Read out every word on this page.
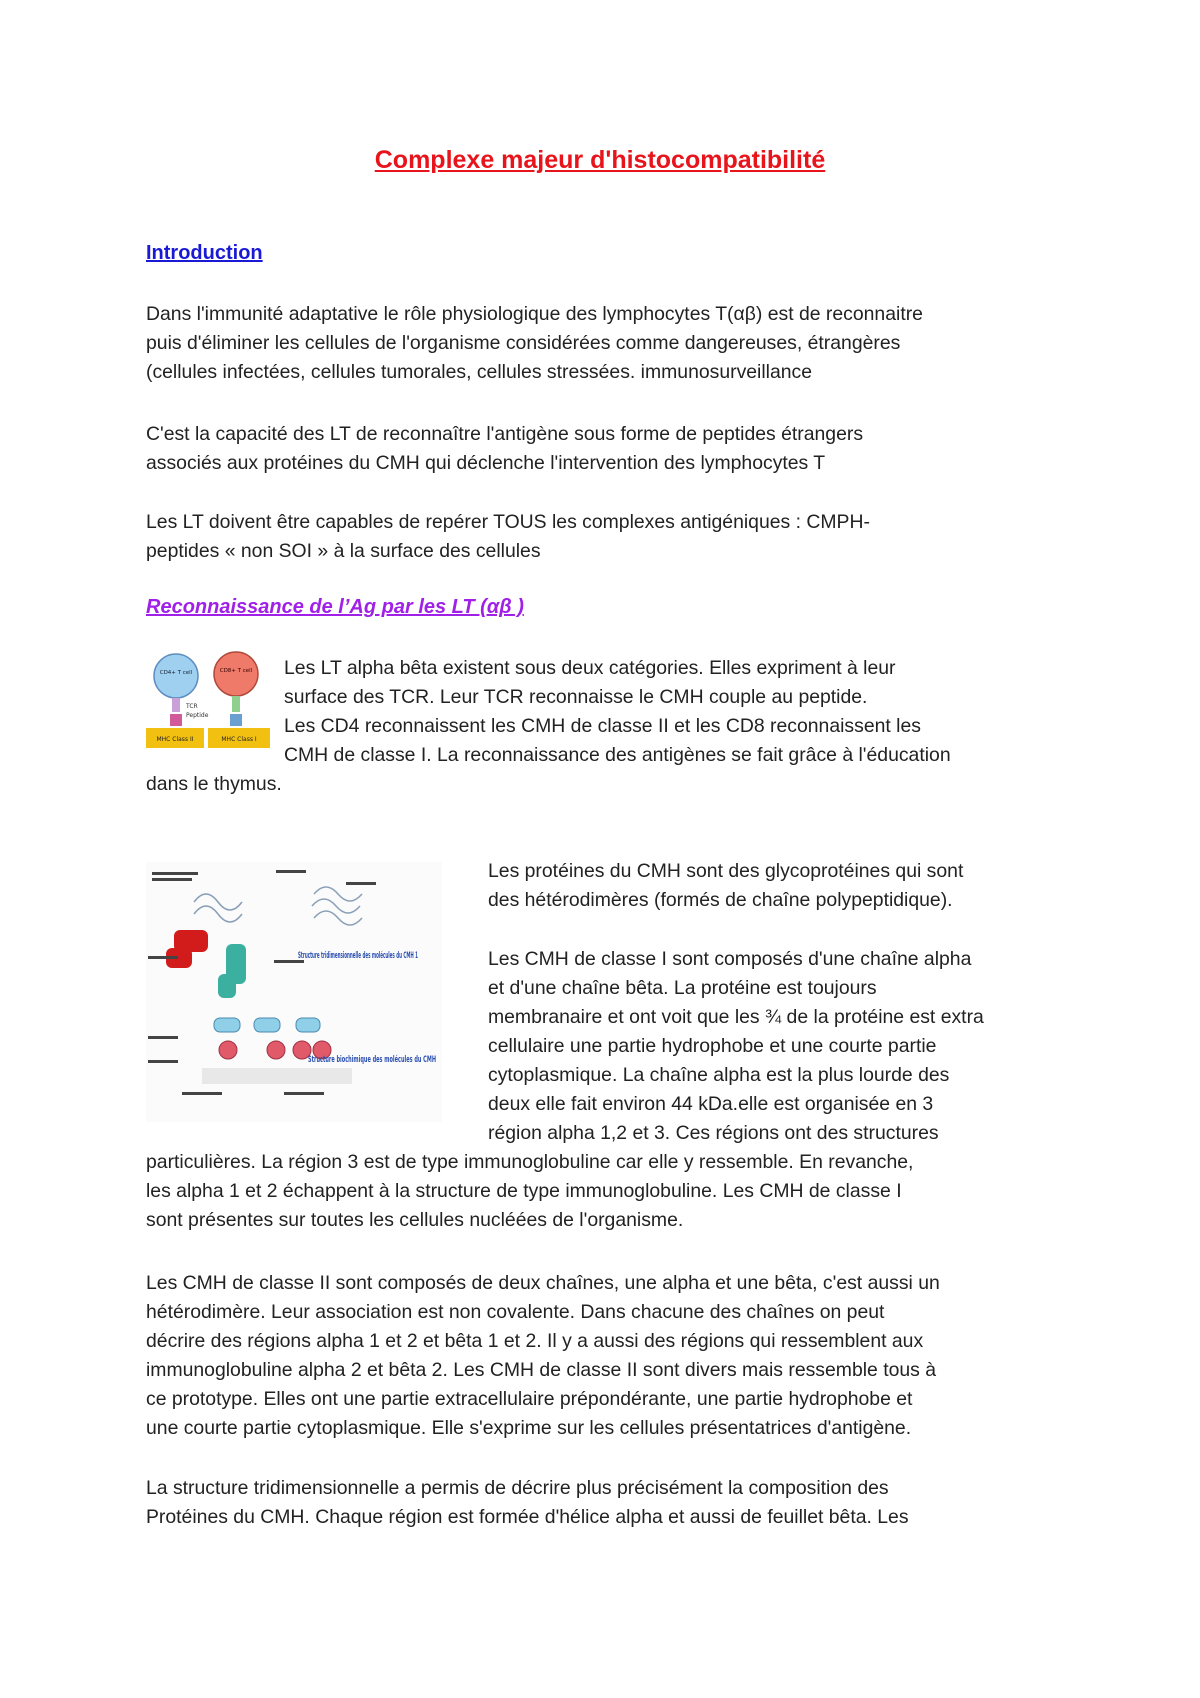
Complexe majeur d'histocompatibilité
Introduction
Dans l'immunité adaptative le rôle physiologique des lymphocytes T(αβ) est de reconnaitre
puis d'éliminer les cellules de l'organisme considérées comme dangereuses, étrangères
(cellules infectées, cellules tumorales, cellules stressées. immunosurveillance
C'est la capacité des LT de reconnaître l'antigène sous forme de peptides étrangers
associés aux protéines du CMH qui déclenche l'intervention des lymphocytes T
Les LT doivent être capables de repérer TOUS les complexes antigéniques : CMPH-
peptides « non SOI » à la surface des cellules
Reconnaissance de l’Ag par les LT (αβ )
CD4+ T cell	CD8+ T cell
TCR
Peptide
MHC Class II	MHC Class I
Les LT alpha bêta existent sous deux catégories. Elles expriment à leur
surface des TCR. Leur TCR reconnaisse le CMH couple au peptide.
Les CD4 reconnaissent les CMH de classe II et les CD8 reconnaissent les
CMH de classe I. La reconnaissance des antigènes se fait grâce à l'éducation
dans le thymus.
Structure biochimique des molécules du CMH
Les protéines du CMH sont des glycoprotéines qui sont
des hétérodimères (formés de chaîne polypeptidique).
Les CMH de classe I sont composés d'une chaîne alpha
et d'une chaîne bêta. La protéine est toujours
membranaire et ont voit que les ¾ de la protéine est extra
cellulaire une partie hydrophobe et une courte partie
cytoplasmique. La chaîne alpha est la plus lourde des
deux elle fait environ 44 kDa.elle est organisée en 3
région alpha 1,2 et 3. Ces régions ont des structures
particulières. La région 3 est de type immunoglobuline car elle y ressemble. En revanche,
les alpha 1 et 2 échappent à la structure de type immunoglobuline. Les CMH de classe I
sont présentes sur toutes les cellules nucléées de l'organisme.
Les CMH de classe II sont composés de deux chaînes, une alpha et une bêta, c'est aussi un
hétérodimère. Leur association est non covalente. Dans chacune des chaînes on peut
décrire des régions alpha 1 et 2 et bêta 1 et 2. Il y a aussi des régions qui ressemblent aux
immunoglobuline alpha 2 et bêta 2. Les CMH de classe II sont divers mais ressemble tous à
ce prototype. Elles ont une partie extracellulaire prépondérante, une partie hydrophobe et
une courte partie cytoplasmique. Elle s'exprime sur les cellules présentatrices d'antigène.
La structure tridimensionnelle a permis de décrire plus précisément la composition des
Protéines du CMH. Chaque région est formée d'hélice alpha et aussi de feuillet bêta. Les
